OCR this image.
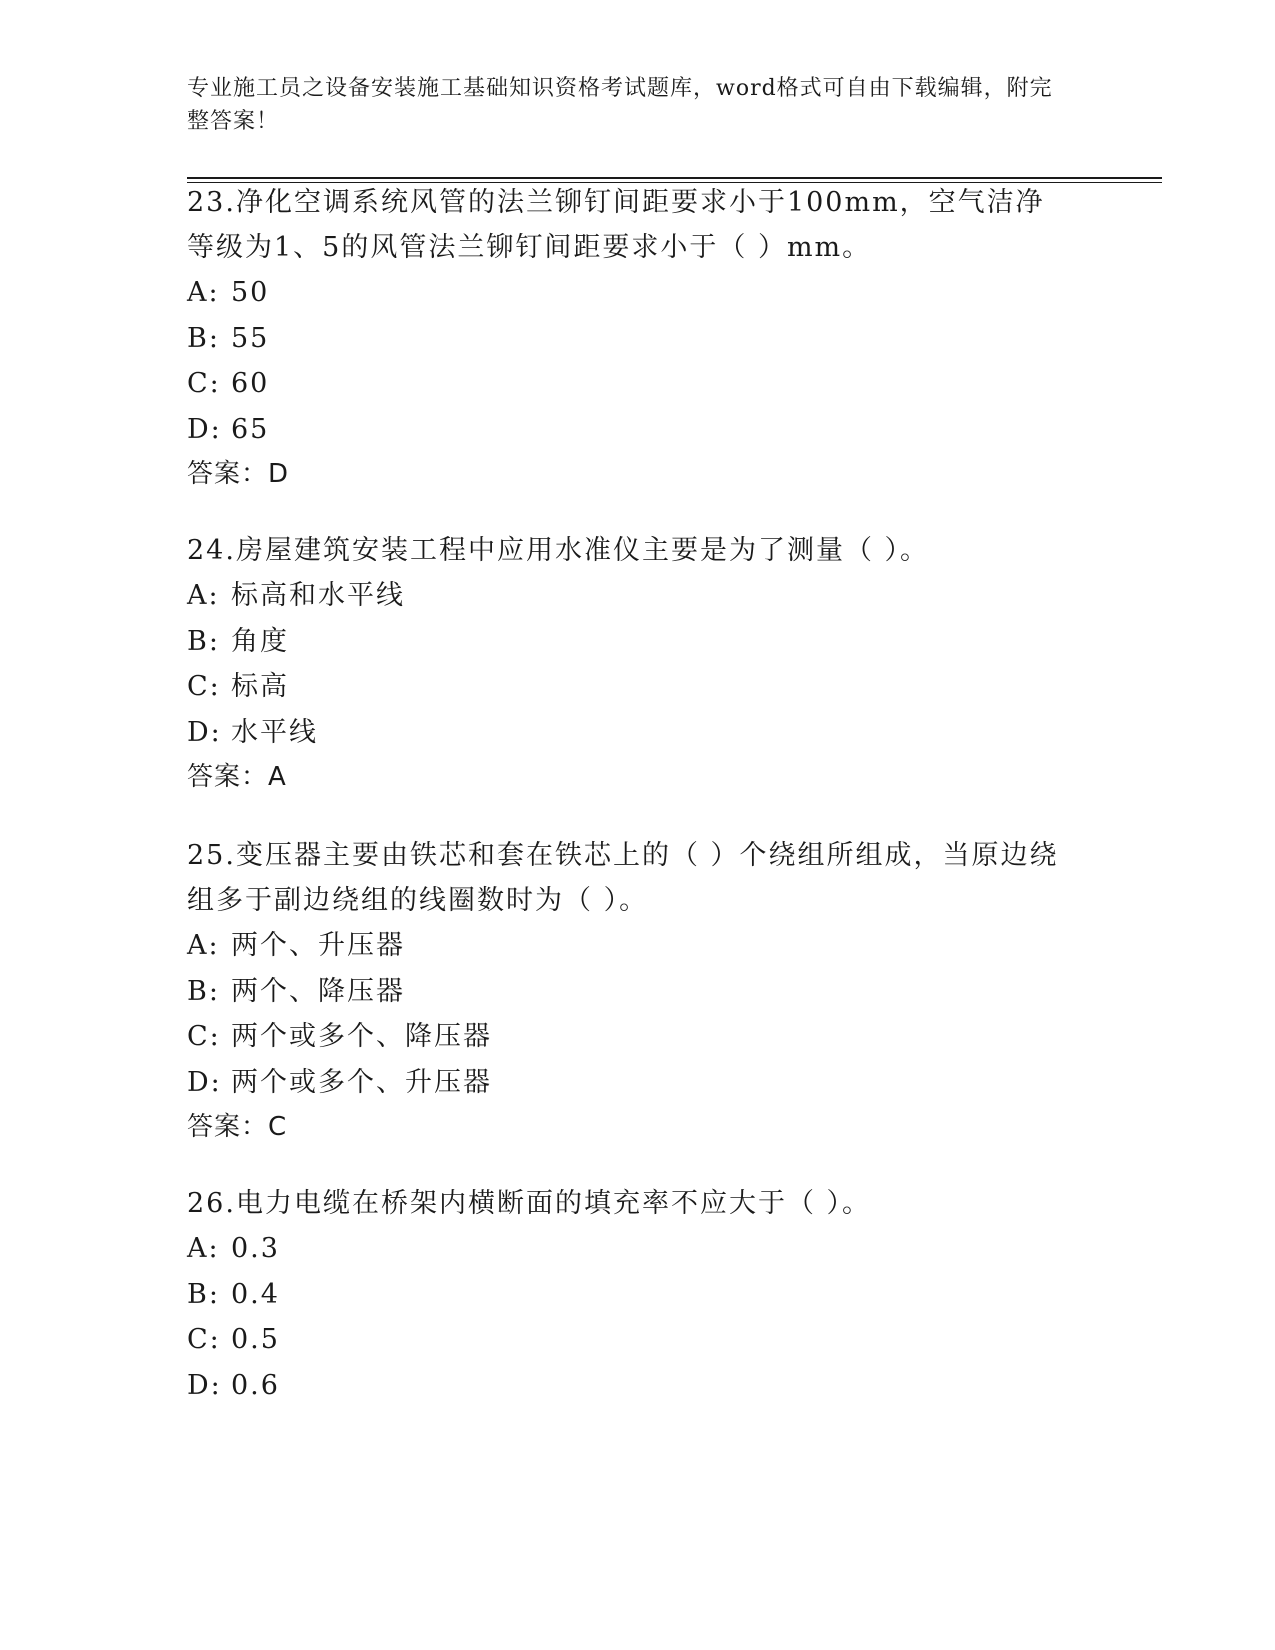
专业施工员之设备安装施工基础知识资格考试题库，word格式可自由下载编辑，附完整答案！
23.净化空调系统风管的法兰铆钉间距要求小于100mm，空气洁净等级为1、5的风管法兰铆钉间距要求小于（ ）mm。
A: 50
B: 55
C: 60
D: 65
答案：D
24.房屋建筑安装工程中应用水准仪主要是为了测量（ ）。
A: 标高和水平线
B: 角度
C: 标高
D: 水平线
答案：A
25.变压器主要由铁芯和套在铁芯上的（ ）个绕组所组成，当原边绕组多于副边绕组的线圈数时为（ ）。
A: 两个、升压器
B: 两个、降压器
C: 两个或多个、降压器
D: 两个或多个、升压器
答案：C
26.电力电缆在桥架内横断面的填充率不应大于（ ）。
A: 0.3
B: 0.4
C: 0.5
D: 0.6
